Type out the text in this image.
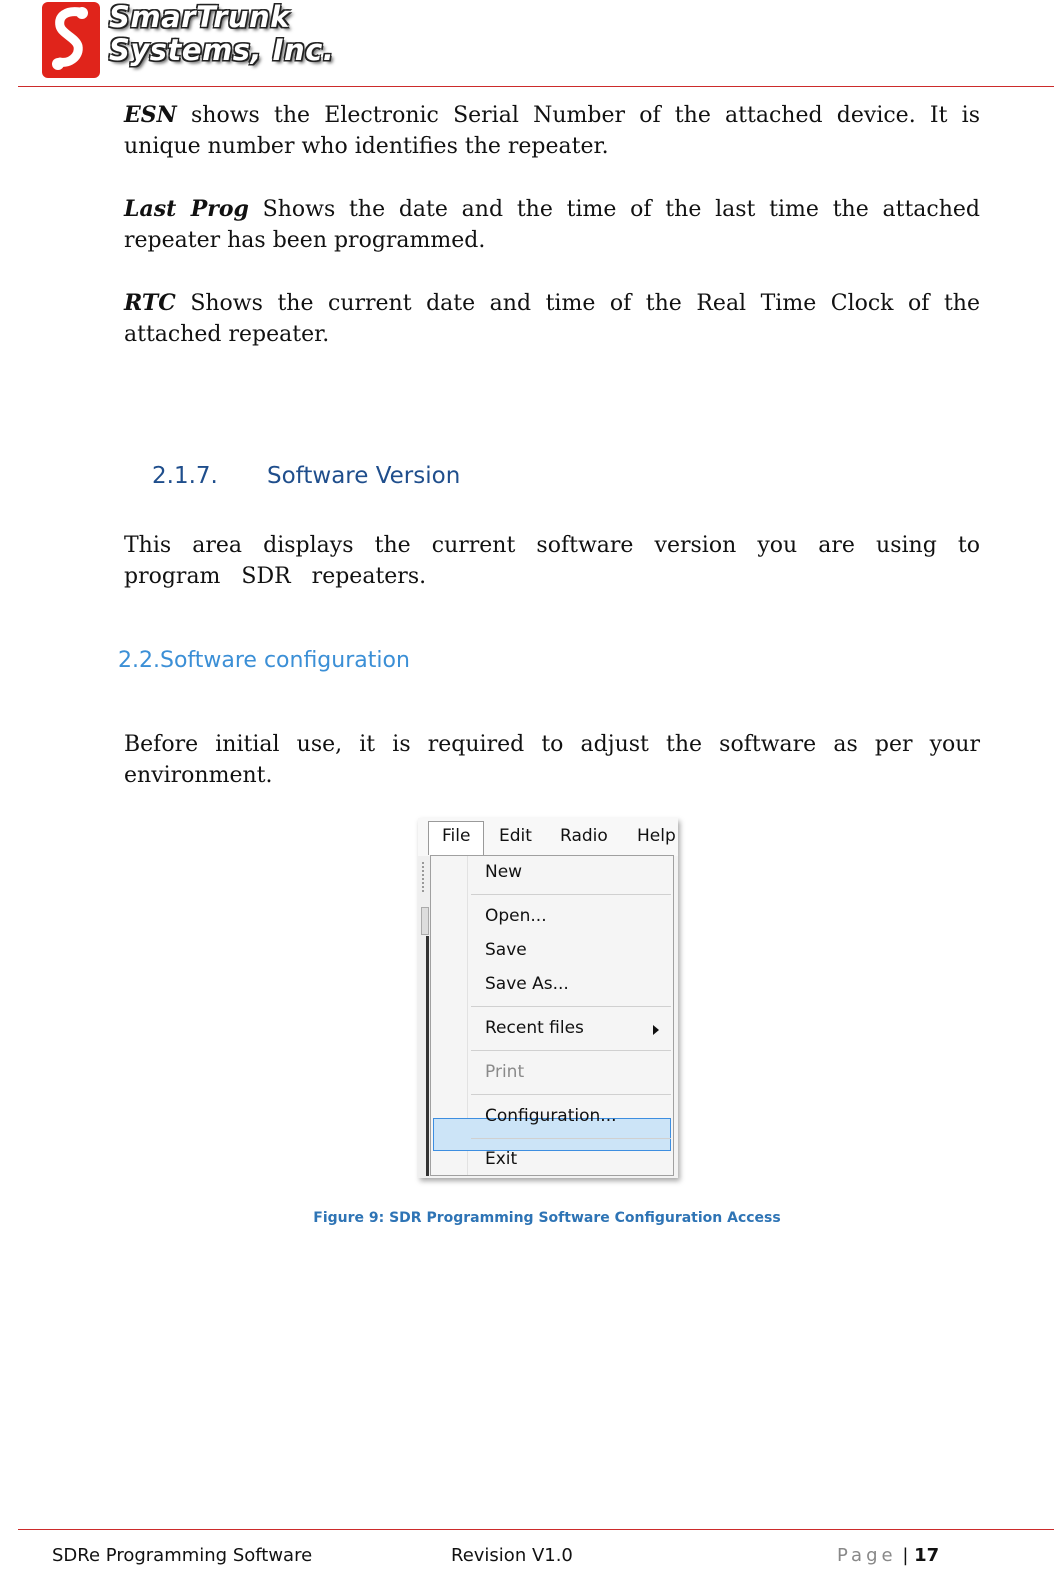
SmarTrunk
Systems, Inc.
ESN shows the Electronic Serial Number of the attached device. It is unique number who identifies the repeater.
Last Prog Shows the date and the time of the last time the attached repeater has been programmed.
RTC Shows the current date and time of the Real Time Clock of the attached repeater.
2.1.7. Software Version
This area displays the current software version you are using to program SDR repeaters.
2.2.Software configuration
Before initial use, it is required to adjust the software as per your environment.
File Edit Radio Help
New
Open...
Save
Save As...
Recent files
Print
Configuration...
Exit
Figure 9: SDR Programming Software Configuration Access
SDRe Programming Software	Revision V1.0	Page | 17
